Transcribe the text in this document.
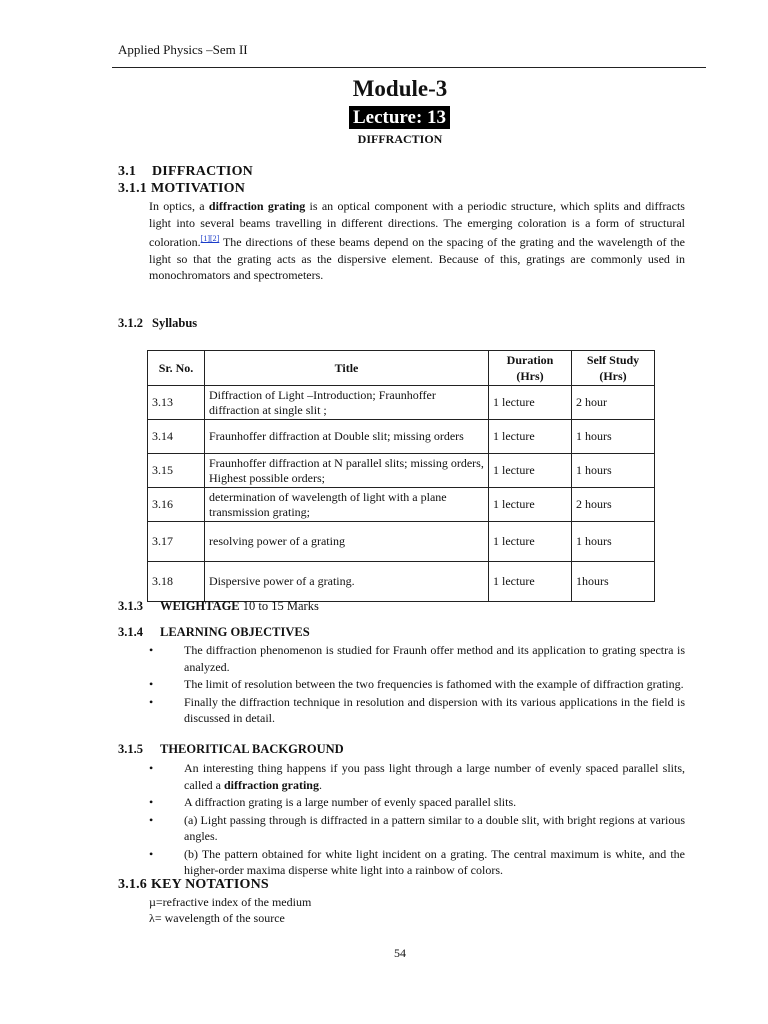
Applied Physics –Sem II
Module-3
Lecture: 13
DIFFRACTION
3.1 DIFFRACTION
3.1.1 MOTIVATION
In optics, a diffraction grating is an optical component with a periodic structure, which splits and diffracts light into several beams travelling in different directions. The emerging coloration is a form of structural coloration.[1][2] The directions of these beams depend on the spacing of the grating and the wavelength of the light so that the grating acts as the dispersive element. Because of this, gratings are commonly used in monochromators and spectrometers.
3.1.2 Syllabus
Sr. No.	Title	Duration (Hrs)	Self Study (Hrs)
3.13	Diffraction of Light –Introduction; Fraunhoffer diffraction at single slit ;	1 lecture	2 hour
3.14	Fraunhoffer diffraction at Double slit; missing orders	1 lecture	1 hours
3.15	Fraunhoffer diffraction at N parallel slits; missing orders, Highest possible orders;	1 lecture	1 hours
3.16	determination of wavelength of light with a plane transmission grating;	1 lecture	2 hours
3.17	resolving power of a grating	1 lecture	1 hours
3.18	Dispersive power of a grating.	1 lecture	1hours
3.1.3 WEIGHTAGE 10 to 15 Marks
3.1.4 LEARNING OBJECTIVES
•	The diffraction phenomenon is studied for Fraunh offer method and its application to grating spectra is analyzed.
•	The limit of resolution between the two frequencies is fathomed with the example of diffraction grating.
•	Finally the diffraction technique in resolution and dispersion with its various applications in the field is discussed in detail.
3.1.5 THEORITICAL BACKGROUND
•	An interesting thing happens if you pass light through a large number of evenly spaced parallel slits, called a diffraction grating.
•	A diffraction grating is a large number of evenly spaced parallel slits.
•	(a) Light passing through is diffracted in a pattern similar to a double slit, with bright regions at various angles.
•	(b) The pattern obtained for white light incident on a grating. The central maximum is white, and the higher-order maxima disperse white light into a rainbow of colors.
3.1.6 KEY NOTATIONS
µ=refractive index of the medium
λ= wavelength of the source
54
